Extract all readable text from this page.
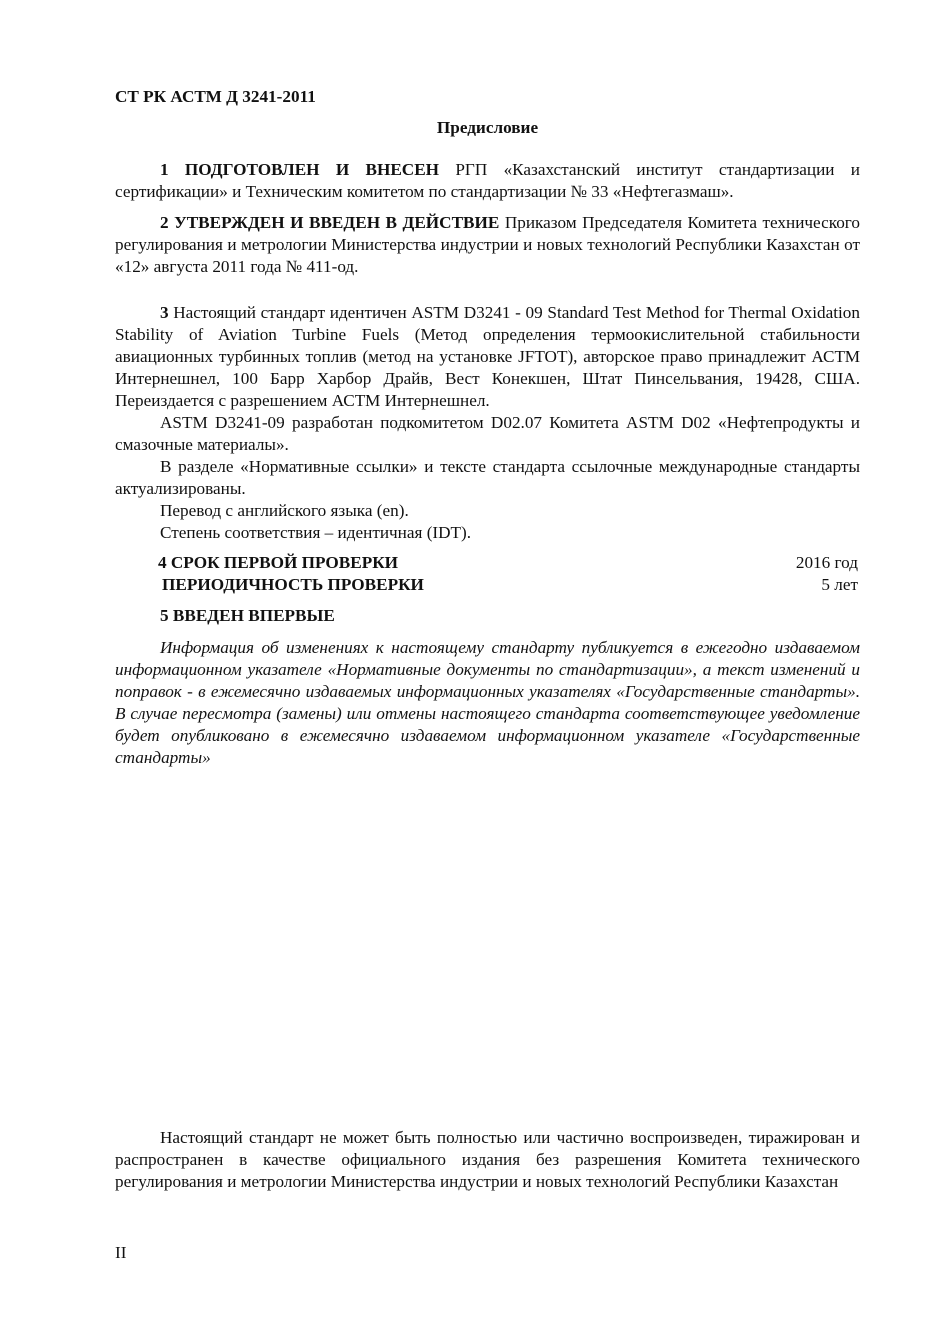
СТ РК АСТМ Д 3241-2011
Предисловие

1 ПОДГОТОВЛЕН И ВНЕСЕН РГП «Казахстанский институт стандартизации и сертификации» и Техническим комитетом по стандартизации № 33 «Нефтегазмаш».

2 УТВЕРЖДЕН И ВВЕДЕН В ДЕЙСТВИЕ Приказом Председателя Комитета технического регулирования и метрологии Министерства индустрии и новых технологий Республики Казахстан от «12» августа 2011 года № 411-од.

3 Настоящий стандарт идентичен ASTM D3241 - 09 Standard Test Method for Thermal Oxidation Stability of Aviation Turbine Fuels (Метод определения термоокислительной стабильности авиационных турбинных топлив (метод на установке JFTOT), авторское право принадлежит АСТМ Интернешнел, 100 Барр Харбор Драйв, Вест Конекшен, Штат Пинсельвания, 19428, США. Переиздается с разрешением АСТМ Интернешнел.

ASTM D3241-09 разработан подкомитетом D02.07 Комитета ASTM D02 «Нефтепродукты и смазочные материалы».

В разделе «Нормативные ссылки» и тексте стандарта ссылочные международные стандарты актуализированы.

Перевод с английского языка (en).

Степень соответствия – идентичная (IDT).

4 СРОК ПЕРВОЙ ПРОВЕРКИ	2016 год
ПЕРИОДИЧНОСТЬ ПРОВЕРКИ	5 лет
5 ВВЕДЕН ВПЕРВЫЕ

Информация об изменениях к настоящему стандарту публикуется в ежегодно издаваемом информационном указателе «Нормативные документы по стандартизации», а текст изменений и поправок - в ежемесячно издаваемых информационных указателях «Государственные стандарты». В случае пересмотра (замены) или отмены настоящего стандарта соответствующее уведомление будет опубликовано в ежемесячно издаваемом информационном указателе «Государственные стандарты»

Настоящий стандарт не может быть полностью или частично воспроизведен, тиражирован и распространен в качестве официального издания без разрешения Комитета технического регулирования и метрологии Министерства индустрии и новых технологий Республики Казахстан

II
